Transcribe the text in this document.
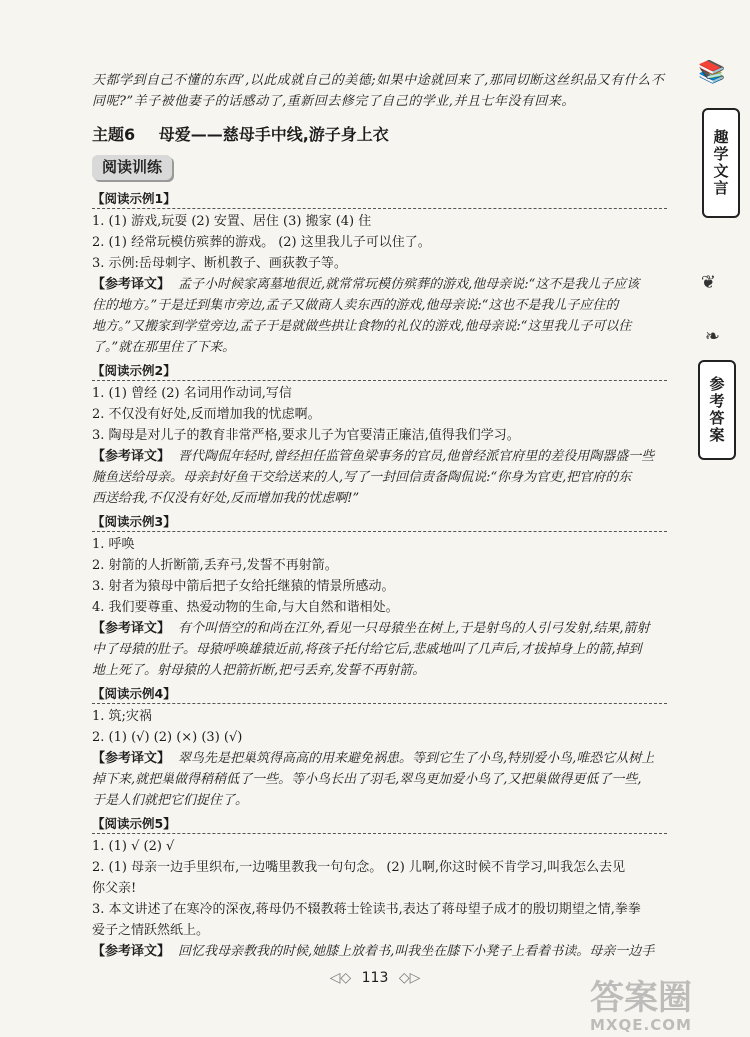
📚
趣学文言
❦
❧
参考答案

天都学到自己不懂的东西’,以此成就自己的美德;如果中途就回来了,那同切断这丝织品又有什么不

同呢?”羊子被他妻子的话感动了,重新回去修完了自己的学业,并且七年没有回来。

主题6 母爱——慈母手中线,游子身上衣
阅读训练
【阅读示例1】

1. (1) 游戏,玩耍 (2) 安置、居住 (3) 搬家 (4) 住

2. (1) 经常玩模仿殡葬的游戏。 (2) 这里我儿子可以住了。

3. 示例:岳母刺字、断机教子、画荻教子等。

【参考译文】 孟子小时候家离墓地很近,就常常玩模仿殡葬的游戏,他母亲说:“这不是我儿子应该

住的地方。”于是迁到集市旁边,孟子又做商人卖东西的游戏,他母亲说:“这也不是我儿子应住的

地方。”又搬家到学堂旁边,孟子于是就做些拱让食物的礼仪的游戏,他母亲说:“这里我儿子可以住

了。”就在那里住了下来。

【阅读示例2】

1. (1) 曾经 (2) 名词用作动词,写信

2. 不仅没有好处,反而增加我的忧虑啊。

3. 陶母是对儿子的教育非常严格,要求儿子为官要清正廉洁,值得我们学习。

【参考译文】 晋代陶侃年轻时,曾经担任监管鱼梁事务的官员,他曾经派官府里的差役用陶器盛一些

腌鱼送给母亲。母亲封好鱼干交给送来的人,写了一封回信责备陶侃说:“你身为官吏,把官府的东

西送给我,不仅没有好处,反而增加我的忧虑啊!”

【阅读示例3】

1. 呼唤

2. 射箭的人折断箭,丢弃弓,发誓不再射箭。

3. 射者为猿母中箭后把子女给托继猿的情景所感动。

4. 我们要尊重、热爱动物的生命,与大自然和谐相处。

【参考译文】 有个叫悟空的和尚在江外,看见一只母猿坐在树上,于是射鸟的人引弓发射,结果,箭射

中了母猿的肚子。母猿呼唤雄猿近前,将孩子托付给它后,悲戚地叫了几声后,才拔掉身上的箭,掉到

地上死了。射母猿的人把箭折断,把弓丢弃,发誓不再射箭。

【阅读示例4】

1. 筑;灾祸

2. (1) (√) (2) (×) (3) (√)

【参考译文】 翠鸟先是把巢筑得高高的用来避免祸患。等到它生了小鸟,特别爱小鸟,唯恐它从树上

掉下来,就把巢做得稍稍低了一些。等小鸟长出了羽毛,翠鸟更加爱小鸟了,又把巢做得更低了一些,

于是人们就把它们捉住了。

【阅读示例5】

1. (1) √ (2) √

2. (1) 母亲一边手里织布,一边嘴里教我一句句念。 (2) 儿啊,你这时候不肯学习,叫我怎么去见

你父亲!

3. 本文讲述了在寒冷的深夜,蒋母仍不辍教蒋士铨读书,表达了蒋母望子成才的殷切期望之情,拳拳

爱子之情跃然纸上。

【参考译文】 回忆我母亲教我的时候,她膝上放着书,叫我坐在膝下小凳子上看着书读。母亲一边手

◁◇ 113 ◇▷	答案圈
MXQE.COM
